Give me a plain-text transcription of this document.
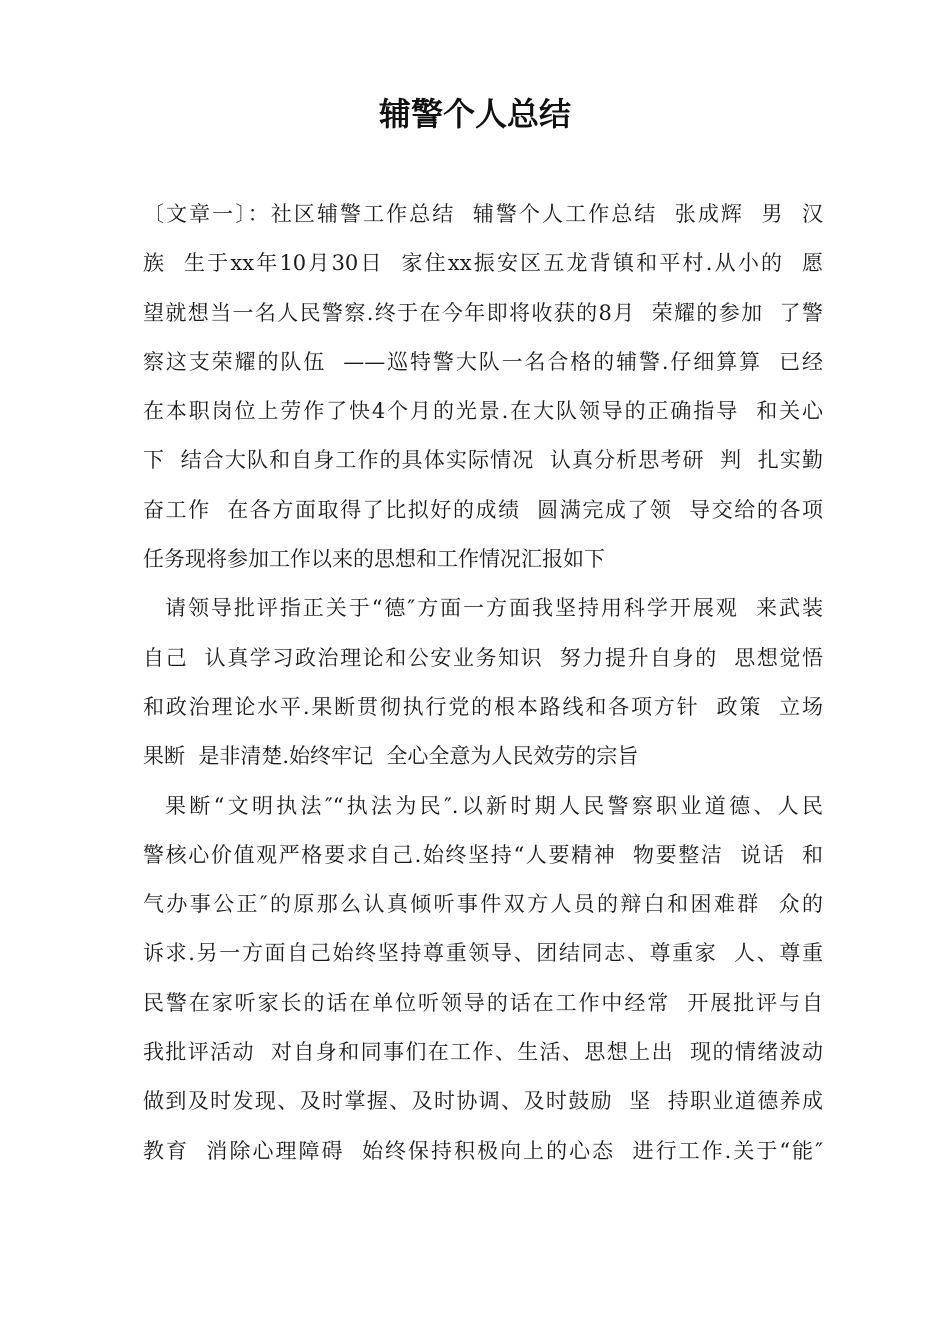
辅警个人总结
〔文章一〕：社区辅警工作总结  辅警个人工作总结  张成辉  男  汉
族  生于xx年10月30日  家住xx振安区五龙背镇和平村.从小的  愿
望就想当一名人民警察.终于在今年即将收获的8月  荣耀的参加  了警
察这支荣耀的队伍  ——巡特警大队一名合格的辅警.仔细算算  已经
在本职岗位上劳作了快4个月的光景.在大队领导的正确指导  和关心
下  结合大队和自身工作的具体实际情况  认真分析思考研  判  扎实勤
奋工作  在各方面取得了比拟好的成绩  圆满完成了领  导交给的各项
任务现将参加工作以来的思想和工作情况汇报如下
请领导批评指正关于“德″方面一方面我坚持用科学开展观  来武装
自己  认真学习政治理论和公安业务知识  努力提升自身的  思想觉悟
和政治理论水平.果断贯彻执行党的根本路线和各项方针  政策  立场
果断  是非清楚.始终牢记  全心全意为人民效劳的宗旨
果断“文明执法″“执法为民″.以新时期人民警察职业道德、人民
警核心价值观严格要求自己.始终坚持“人要精神  物要整洁  说话  和
气办事公正″的原那么认真倾听事件双方人员的辩白和困难群  众的
诉求.另一方面自己始终坚持尊重领导、团结同志、尊重家  人、尊重
民警在家听家长的话在单位听领导的话在工作中经常  开展批评与自
我批评活动  对自身和同事们在工作、生活、思想上出  现的情绪波动
做到及时发现、及时掌握、及时协调、及时鼓励  坚  持职业道德养成
教育  消除心理障碍  始终保持积极向上的心态  进行工作.关于“能″
